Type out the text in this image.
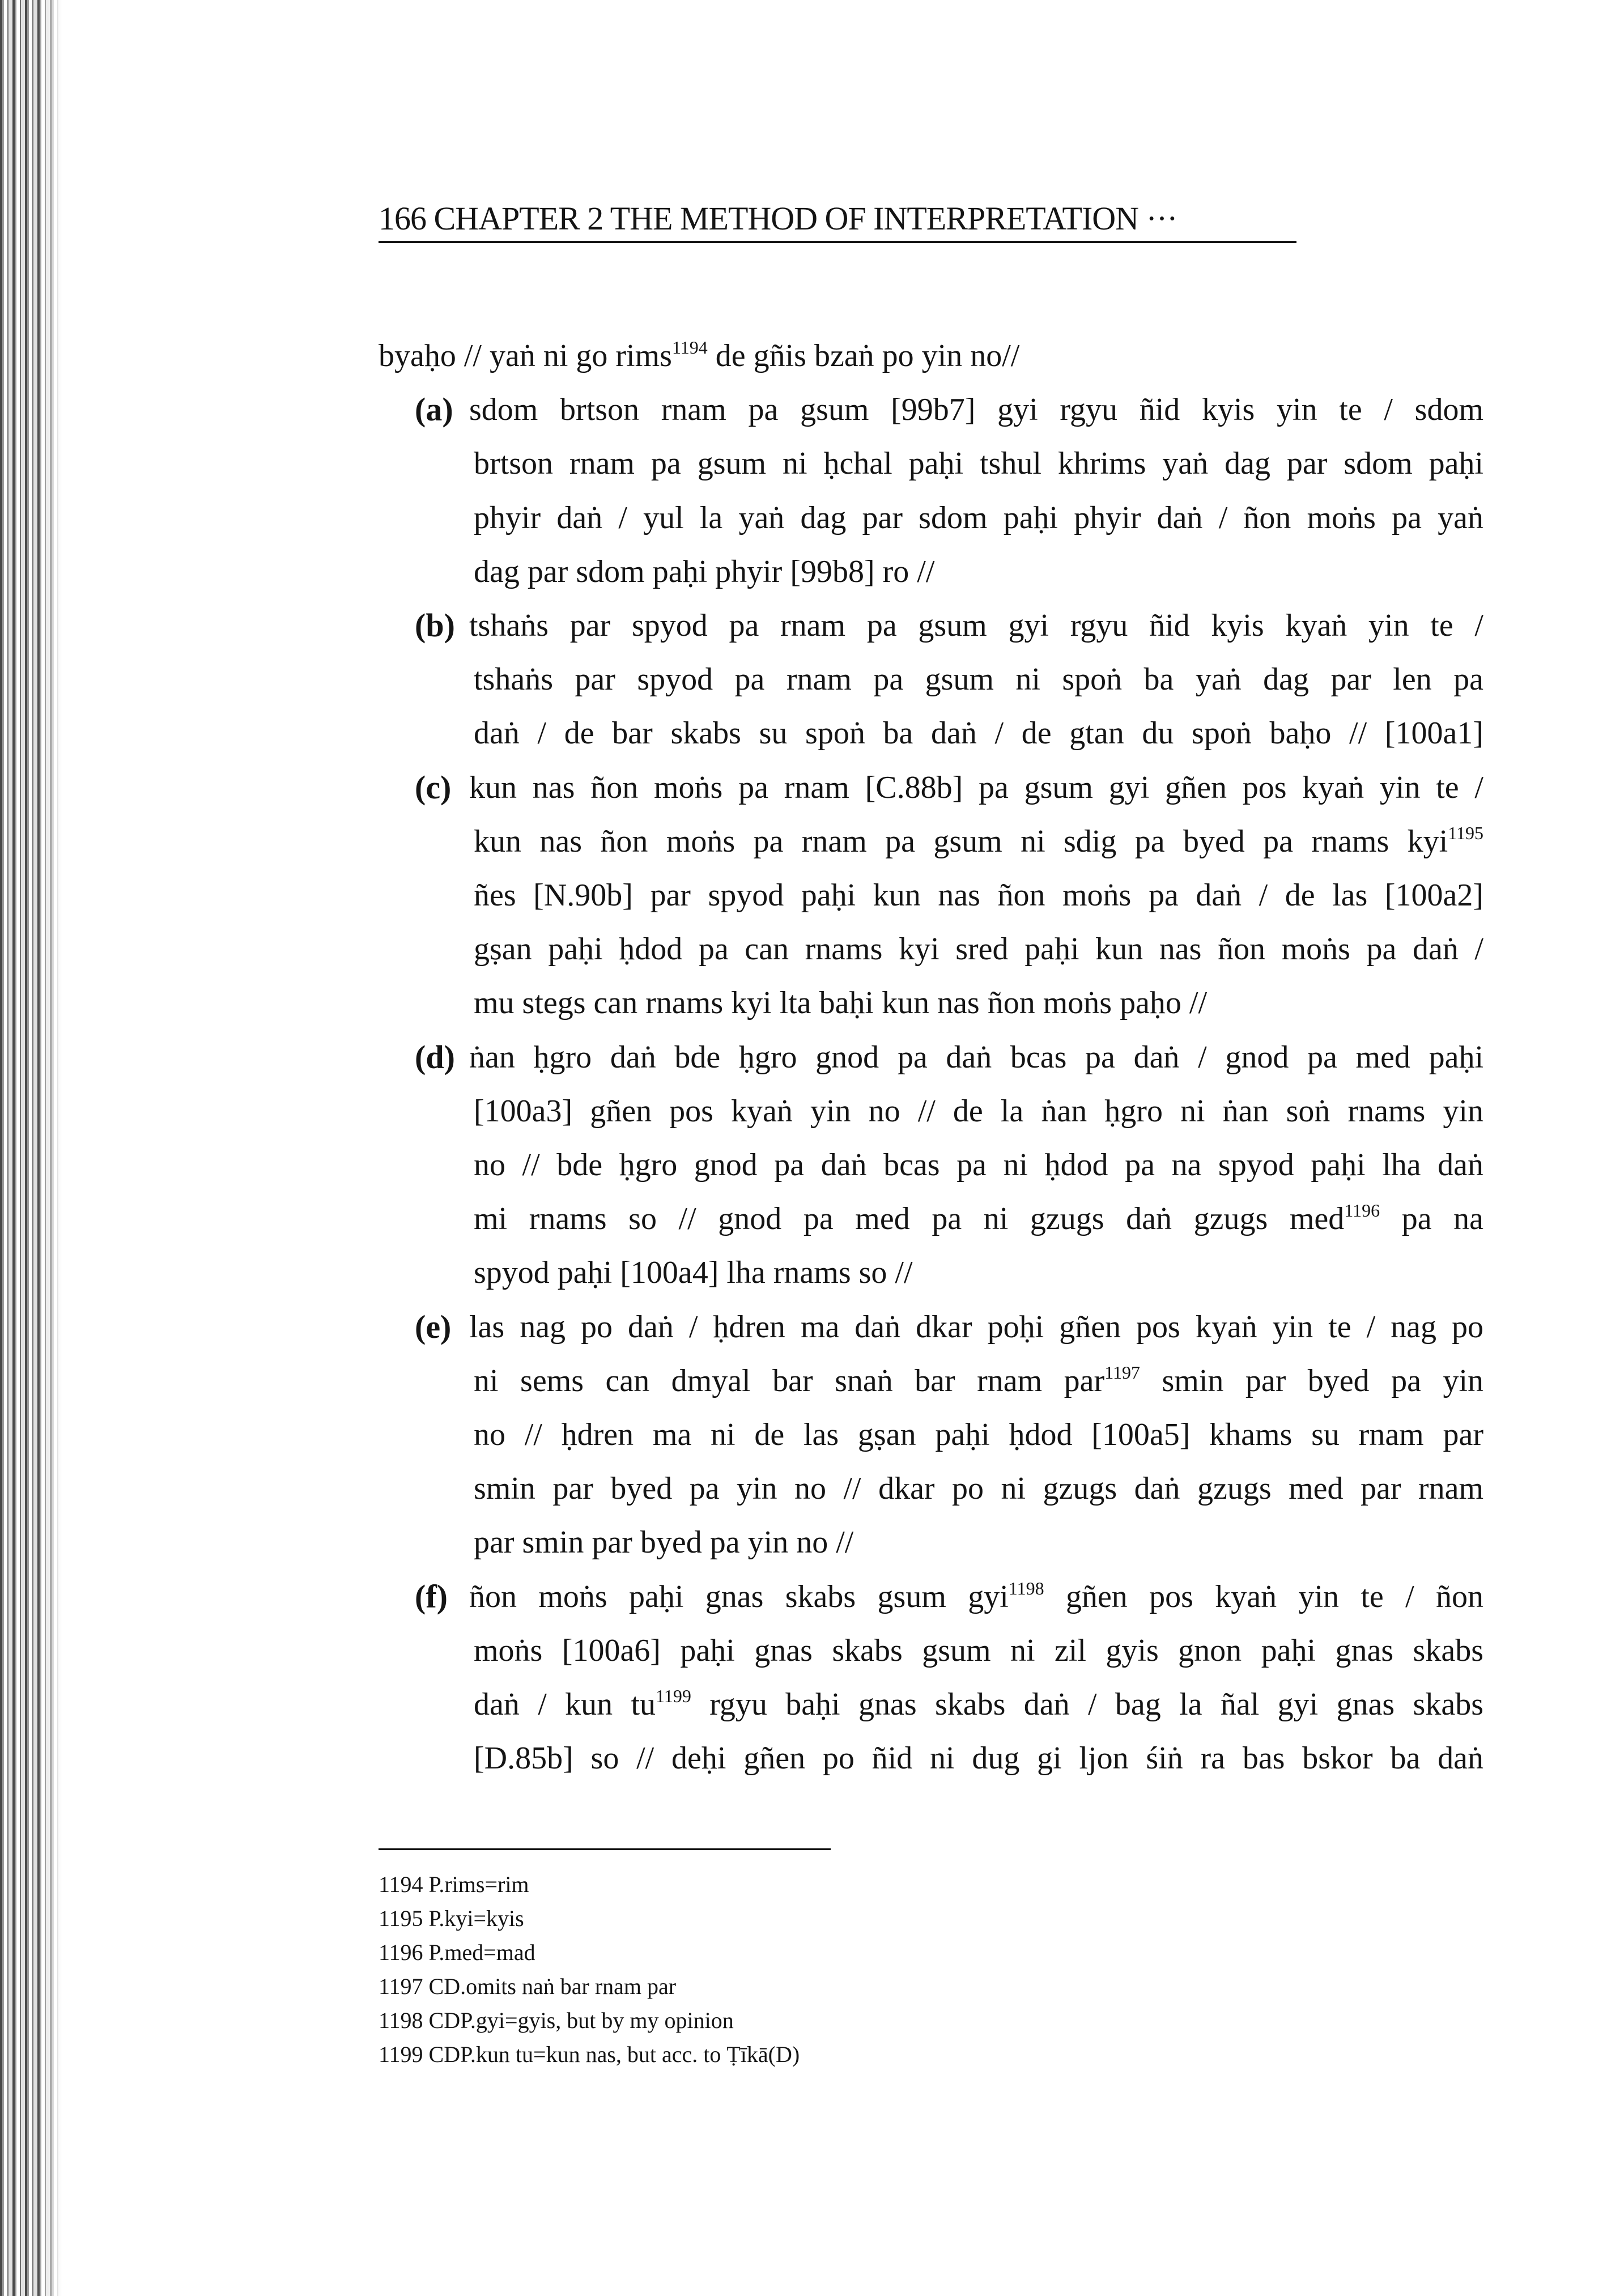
166 CHAPTER 2 THE METHOD OF INTERPRETATION ···
byaḥo // yaṅ ni go rims$^{1194}$ de gñis bzaṅ po yin no//
(a) sdom brtson rnam pa gsum [99b7] gyi rgyu ñid kyis yin te / sdom
brtson rnam pa gsum ni ḥchal paḥi tshul khrims yaṅ dag par sdom paḥi
phyir daṅ / yul la yaṅ dag par sdom paḥi phyir daṅ / ñon moṅs pa yaṅ
dag par sdom paḥi phyir [99b8] ro //
(b) tshaṅs par spyod pa rnam pa gsum gyi rgyu ñid kyis kyaṅ yin te /
tshaṅs par spyod pa rnam pa gsum ni spoṅ ba yaṅ dag par len pa
daṅ / de bar skabs su spoṅ ba daṅ / de gtan du spoṅ baḥo // [100a1]
(c) kun nas ñon moṅs pa rnam [C.88b] pa gsum gyi gñen pos kyaṅ yin te /
kun nas ñon moṅs pa rnam pa gsum ni sdig pa byed pa rnams kyi$^{1195}$
ñes [N.90b] par spyod paḥi kun nas ñon moṅs pa daṅ / de las [100a2]
gṣan paḥi ḥdod pa can rnams kyi sred paḥi kun nas ñon moṅs pa daṅ /
mu stegs can rnams kyi lta baḥi kun nas ñon moṅs paḥo //
(d) ṅan ḥgro daṅ bde ḥgro gnod pa daṅ bcas pa daṅ / gnod pa med paḥi
[100a3] gñen pos kyaṅ yin no // de la ṅan ḥgro ni ṅan soṅ rnams yin
no // bde ḥgro gnod pa daṅ bcas pa ni ḥdod pa na spyod paḥi lha daṅ
mi rnams so // gnod pa med pa ni gzugs daṅ gzugs med$^{1196}$ pa na
spyod paḥi [100a4] lha rnams so //
(e) las nag po daṅ / ḥdren ma daṅ dkar poḥi gñen pos kyaṅ yin te / nag po
ni sems can dmyal bar snaṅ bar rnam par$^{1197}$ smin par byed pa yin
no // ḥdren ma ni de las gṣan paḥi ḥdod [100a5] khams su rnam par
smin par byed pa yin no // dkar po ni gzugs daṅ gzugs med par rnam
par smin par byed pa yin no //
(f) ñon moṅs paḥi gnas skabs gsum gyi$^{1198}$ gñen pos kyaṅ yin te / ñon
moṅs [100a6] paḥi gnas skabs gsum ni zil gyis gnon paḥi gnas skabs
daṅ / kun $tu^{1199}$ rgyu baḥi gnas skabs daṅ / bag la ñal gyi gnas skabs
[D.85b] so // deḥi gñen po ñid ni dug gi ljon śiṅ ra bas bskor ba daṅ
1194 P.rims=rim
1195 P.kyi=kyis
1196 P.med=mad
1197 CD.omits naṅ bar rnam par
1198 CDP.gyi=gyis, but by my opinion
1199 CDP.kun tu=kun nas, but acc. to Ṭīkā(D)
